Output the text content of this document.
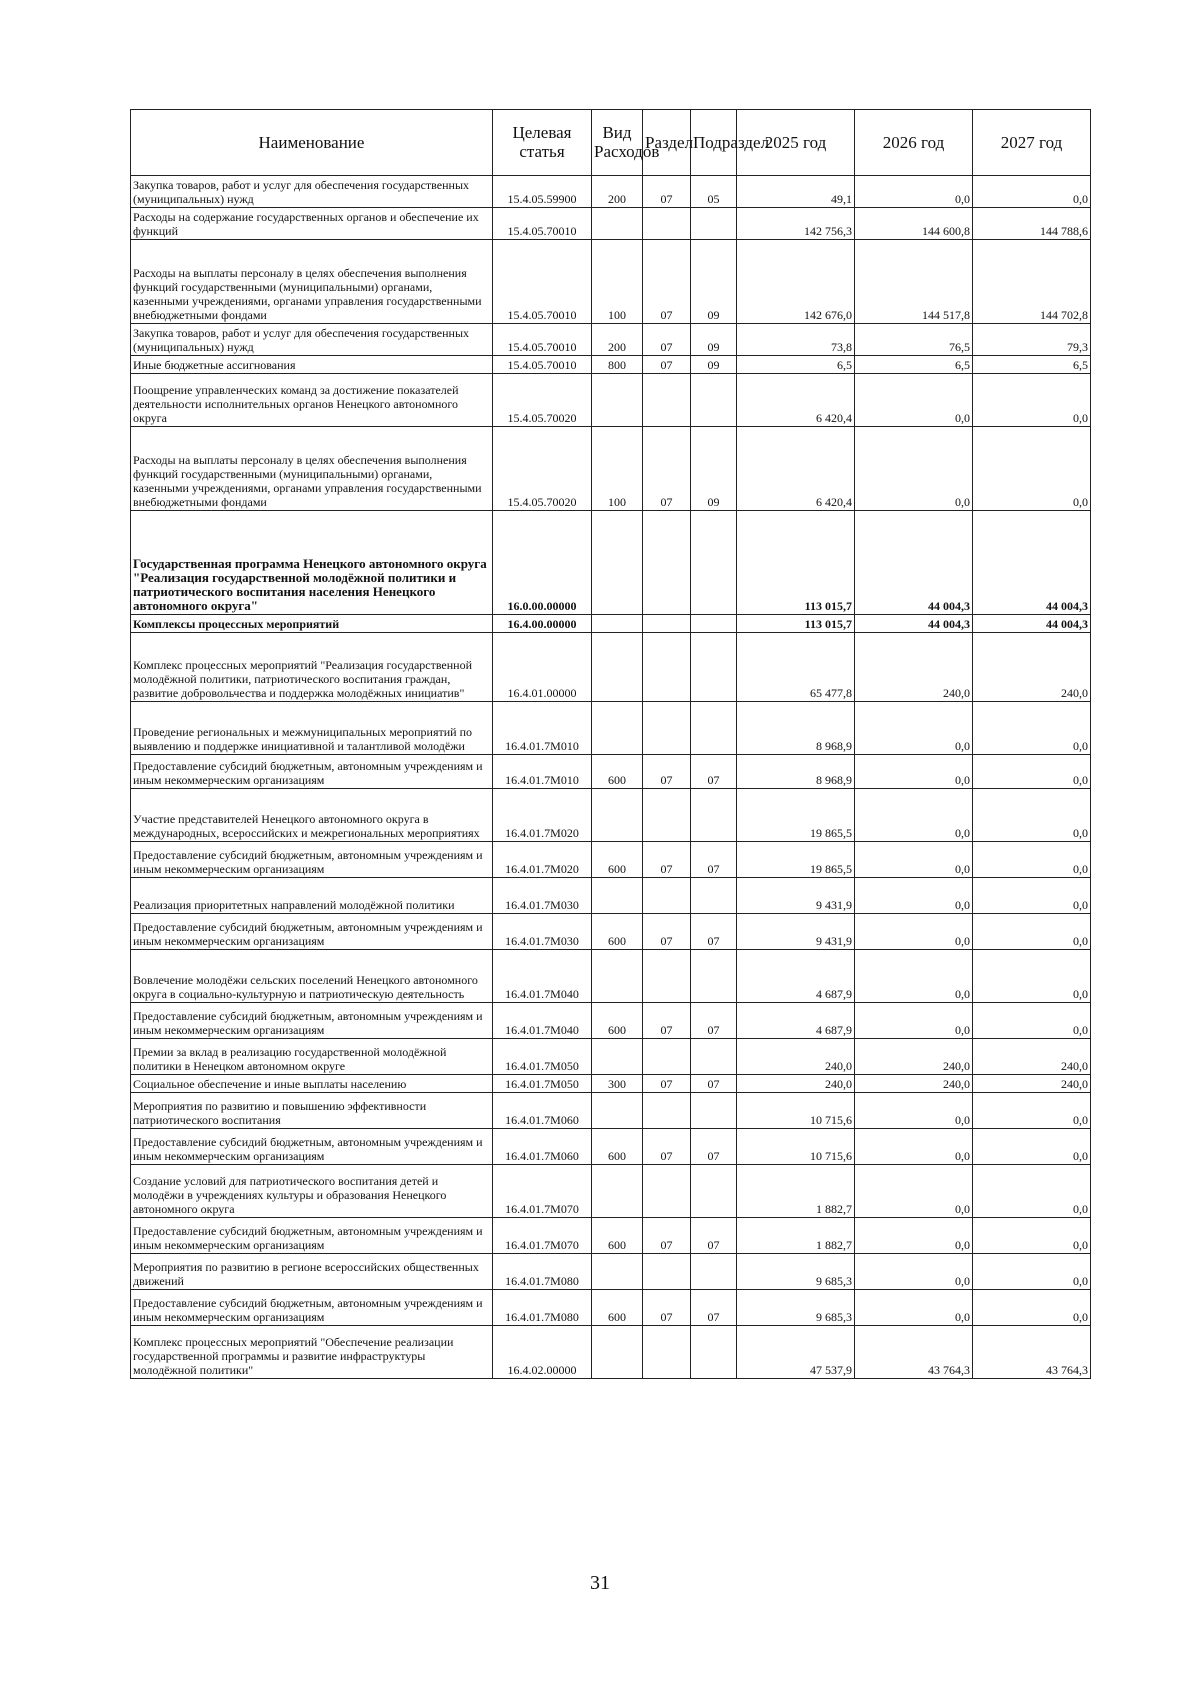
Наименование	Целевая статья	Вид Расходов	Раздел	Подраздел	2025 год	2026 год	2027 год
Закупка товаров, работ и услуг для обеспечения государственных (муниципальных) нужд	15.4.05.59900	200	07	05	49,1	0,0	0,0
Расходы на содержание государственных органов и обеспечение их функций	15.4.05.70010				142 756,3	144 600,8	144 788,6
Расходы на выплаты персоналу в целях обеспечения выполнения функций государственными (муниципальными) органами, казенными учреждениями, органами управления государственными внебюджетными фондами	15.4.05.70010	100	07	09	142 676,0	144 517,8	144 702,8
Закупка товаров, работ и услуг для обеспечения государственных (муниципальных) нужд	15.4.05.70010	200	07	09	73,8	76,5	79,3
Иные бюджетные ассигнования	15.4.05.70010	800	07	09	6,5	6,5	6,5
Поощрение управленческих команд за достижение показателей деятельности исполнительных органов Ненецкого автономного округа	15.4.05.70020				6 420,4	0,0	0,0
Расходы на выплаты персоналу в целях обеспечения выполнения функций государственными (муниципальными) органами, казенными учреждениями, органами управления государственными внебюджетными фондами	15.4.05.70020	100	07	09	6 420,4	0,0	0,0
Государственная программа Ненецкого автономного округа "Реализация государственной молодёжной политики и патриотического воспитания населения Ненецкого автономного округа"	16.0.00.00000				113 015,7	44 004,3	44 004,3
Комплексы процессных мероприятий	16.4.00.00000				113 015,7	44 004,3	44 004,3
Комплекс процессных мероприятий "Реализация государственной молодёжной политики, патриотического воспитания граждан, развитие добровольчества и поддержка молодёжных инициатив"	16.4.01.00000				65 477,8	240,0	240,0
Проведение региональных и межмуниципальных мероприятий по выявлению и поддержке инициативной и талантливой молодёжи	16.4.01.7М010				8 968,9	0,0	0,0
Предоставление субсидий бюджетным, автономным учреждениям и иным некоммерческим организациям	16.4.01.7М010	600	07	07	8 968,9	0,0	0,0
Участие представителей Ненецкого автономного округа в международных, всероссийских и межрегиональных мероприятиях	16.4.01.7М020				19 865,5	0,0	0,0
Предоставление субсидий бюджетным, автономным учреждениям и иным некоммерческим организациям	16.4.01.7М020	600	07	07	19 865,5	0,0	0,0
Реализация приоритетных направлений молодёжной политики	16.4.01.7М030				9 431,9	0,0	0,0
Предоставление субсидий бюджетным, автономным учреждениям и иным некоммерческим организациям	16.4.01.7М030	600	07	07	9 431,9	0,0	0,0
Вовлечение молодёжи сельских поселений Ненецкого автономного округа в социально-культурную и патриотическую деятельность	16.4.01.7М040				4 687,9	0,0	0,0
Предоставление субсидий бюджетным, автономным учреждениям и иным некоммерческим организациям	16.4.01.7М040	600	07	07	4 687,9	0,0	0,0
Премии за вклад в реализацию государственной молодёжной политики в Ненецком автономном округе	16.4.01.7М050				240,0	240,0	240,0
Социальное обеспечение и иные выплаты населению	16.4.01.7М050	300	07	07	240,0	240,0	240,0
Мероприятия по развитию и повышению эффективности патриотического воспитания	16.4.01.7М060				10 715,6	0,0	0,0
Предоставление субсидий бюджетным, автономным учреждениям и иным некоммерческим организациям	16.4.01.7М060	600	07	07	10 715,6	0,0	0,0
Создание условий для патриотического воспитания детей и молодёжи в учреждениях культуры и образования Ненецкого автономного округа	16.4.01.7М070				1 882,7	0,0	0,0
Предоставление субсидий бюджетным, автономным учреждениям и иным некоммерческим организациям	16.4.01.7М070	600	07	07	1 882,7	0,0	0,0
Мероприятия по развитию в регионе всероссийских общественных движений	16.4.01.7М080				9 685,3	0,0	0,0
Предоставление субсидий бюджетным, автономным учреждениям и иным некоммерческим организациям	16.4.01.7М080	600	07	07	9 685,3	0,0	0,0
Комплекс процессных мероприятий "Обеспечение реализации государственной программы и развитие инфраструктуры молодёжной политики"	16.4.02.00000				47 537,9	43 764,3	43 764,3
31
